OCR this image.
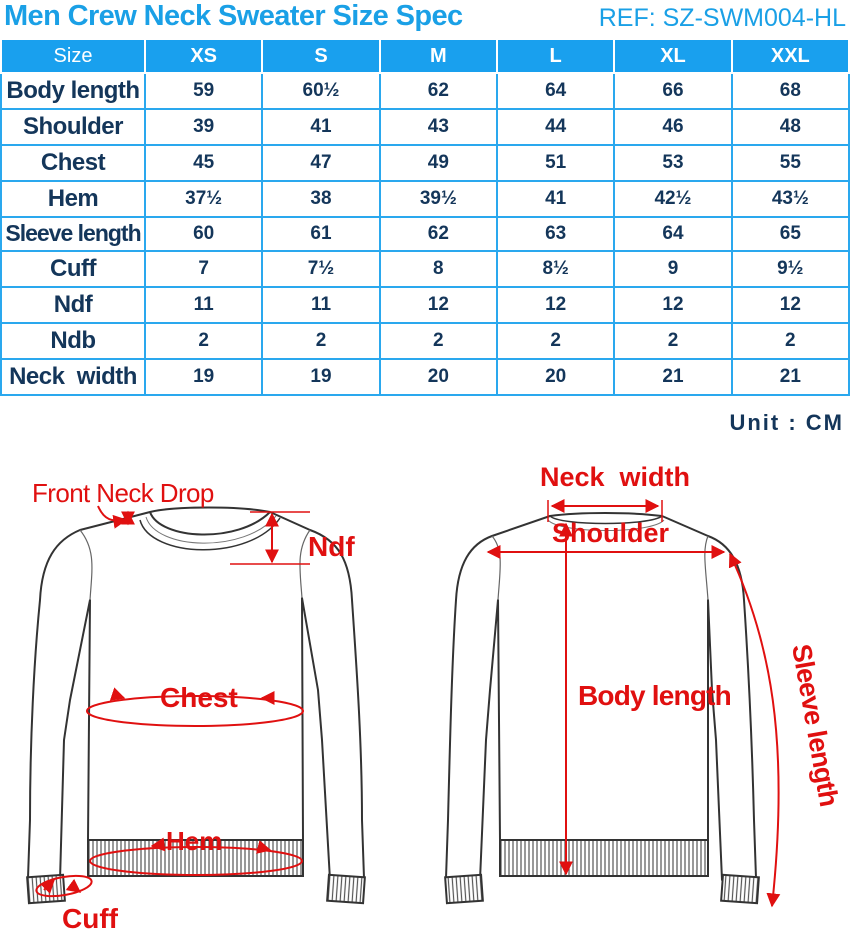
Men Crew Neck Sweater Size Spec	REF: SZ-SWM004-HL
Size	XS	S	M	L	XL	XXL
Body length	59	60½	62	64	66	68
Shoulder	39	41	43	44	46	48
Chest	45	47	49	51	53	55
Hem	37½	38	39½	41	42½	43½
Sleeve length	60	61	62	63	64	65
Cuff	7	7½	8	8½	9	9½
Ndf	11	11	12	12	12	12
Ndb	2	2	2	2	2	2
Neck  width	19	19	20	20	21	21
Unit : CM
Front Neck Drop
Ndf
Chest
Hem
Cuff
Neck  width
Shoulder
Body length Sleeve length
